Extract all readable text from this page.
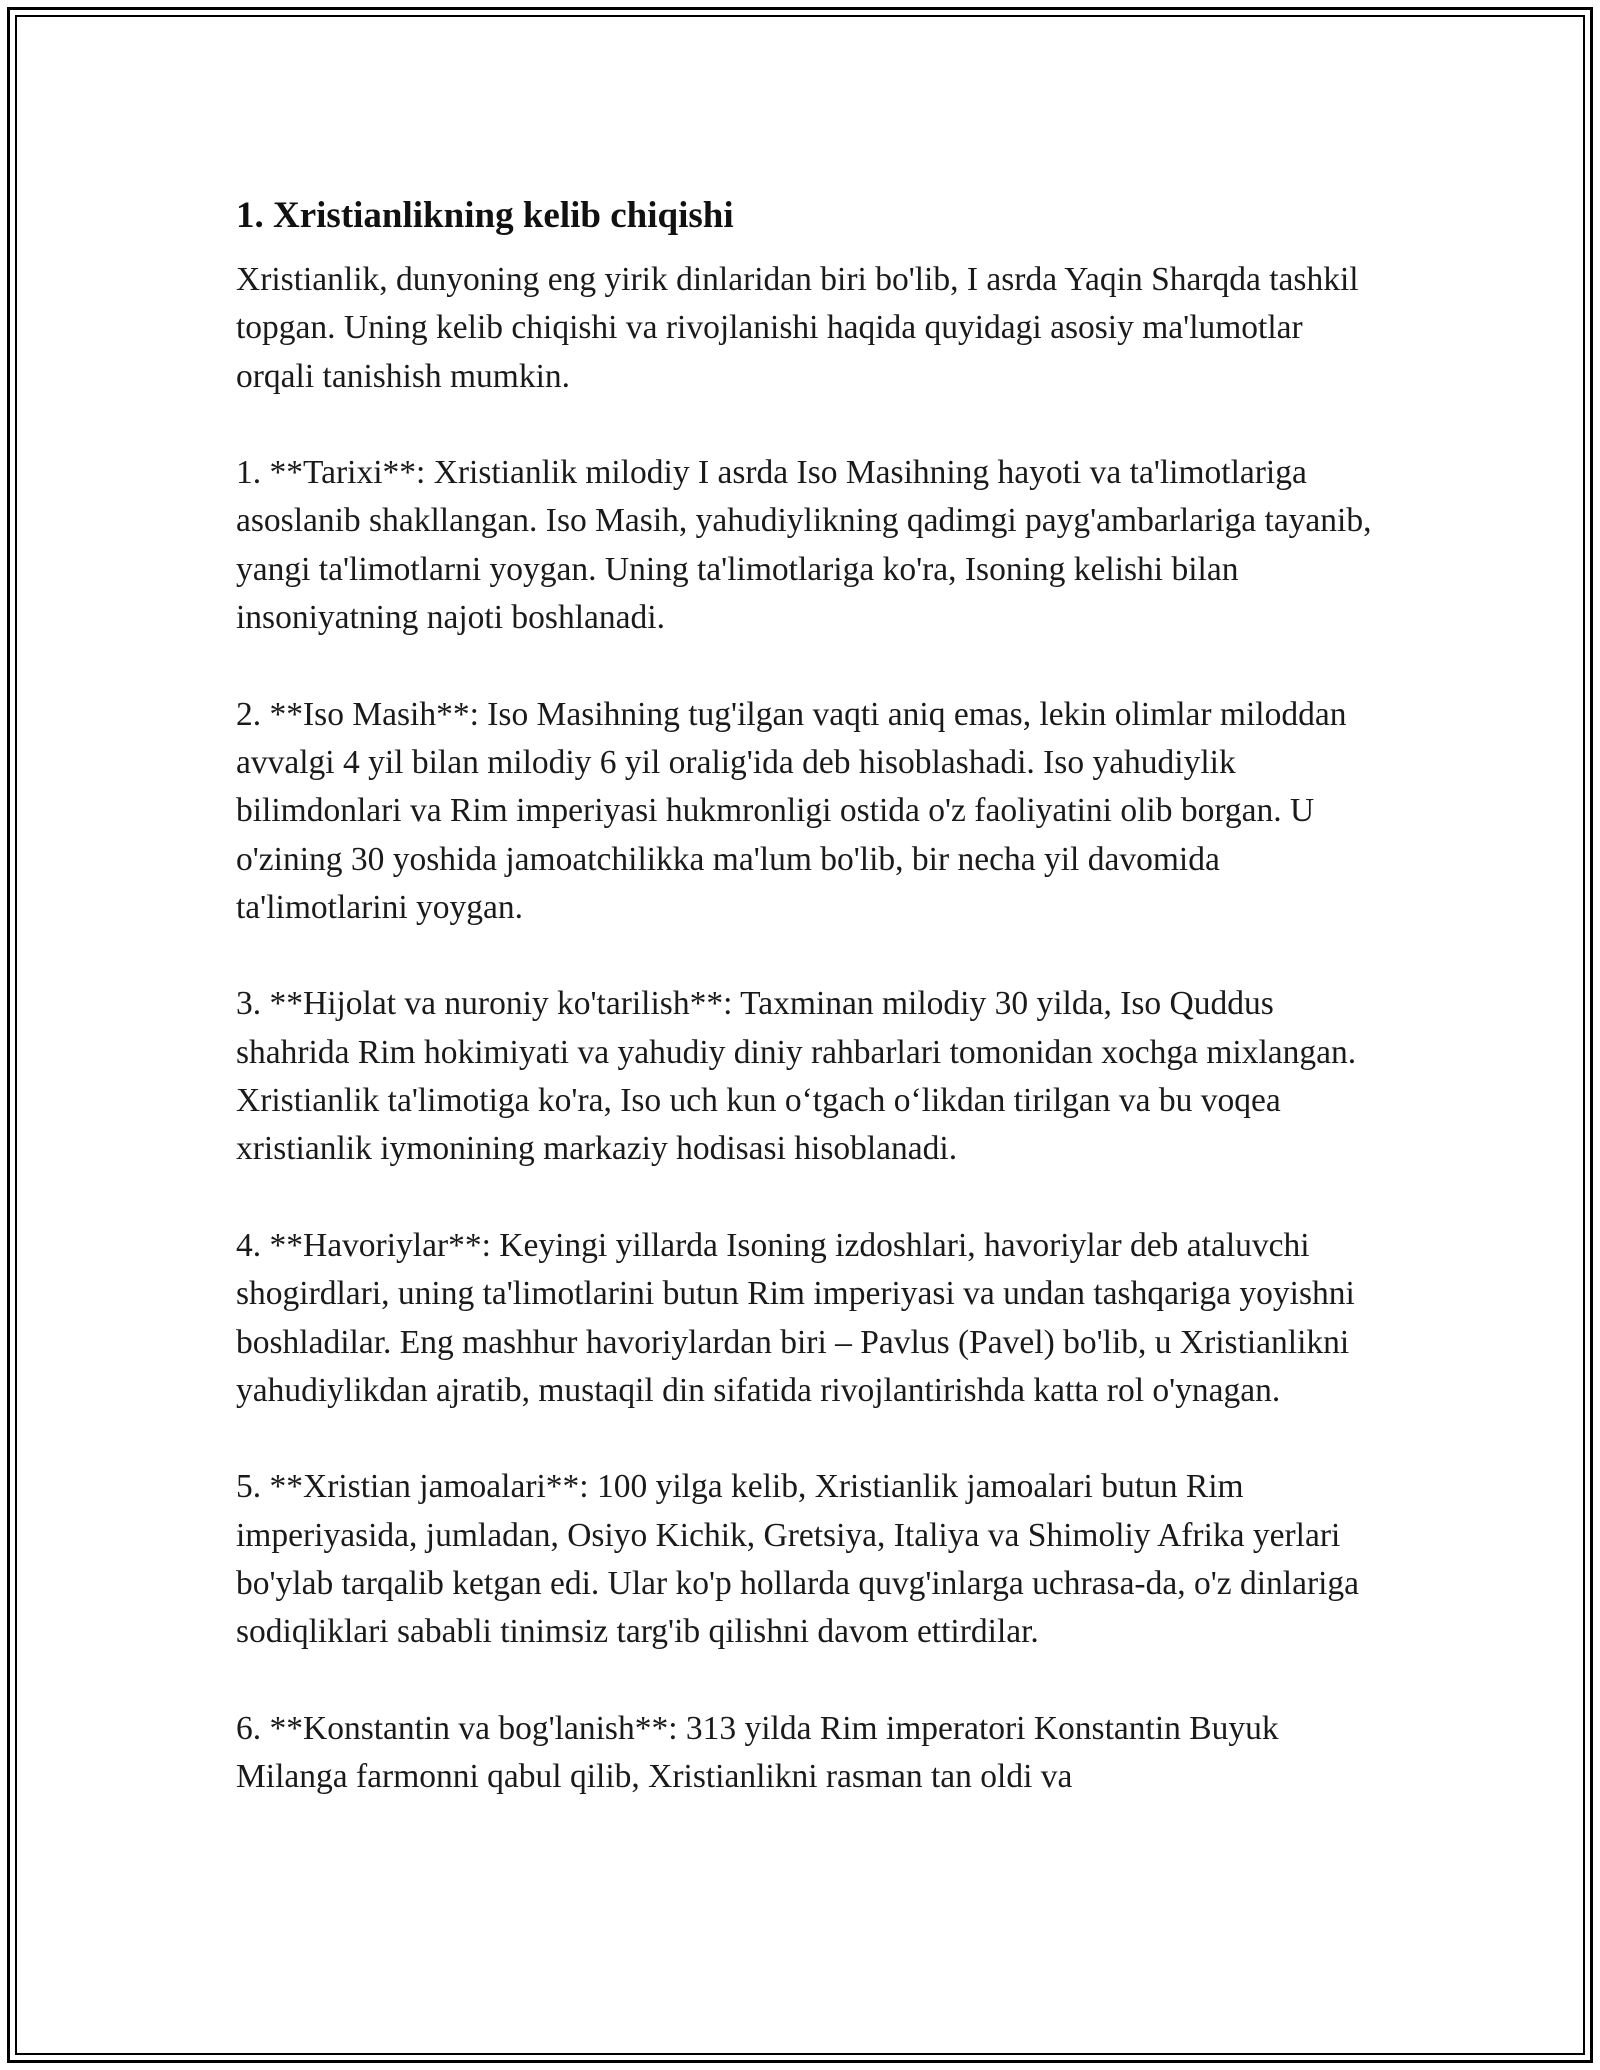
1. Xristianlikning kelib chiqishi

Xristianlik, dunyoning eng yirik dinlaridan biri bo'lib, I asrda Yaqin Sharqda tashkil topgan. Uning kelib chiqishi va rivojlanishi haqida quyidagi asosiy ma'lumotlar orqali tanishish mumkin.

1. **Tarixi**: Xristianlik milodiy I asrda Iso Masihning hayoti va ta'limotlariga asoslanib shakllangan. Iso Masih, yahudiylikning qadimgi payg'ambarlariga tayanib, yangi ta'limotlarni yoygan. Uning ta'limotlariga ko'ra, Isoning kelishi bilan insoniyatning najoti boshlanadi.

2. **Iso Masih**: Iso Masihning tug'ilgan vaqti aniq emas, lekin olimlar miloddan avvalgi 4 yil bilan milodiy 6 yil oralig'ida deb hisoblashadi. Iso yahudiylik bilimdonlari va Rim imperiyasi hukmronligi ostida o'z faoliyatini olib borgan. U o'zining 30 yoshida jamoatchilikka ma'lum bo'lib, bir necha yil davomida ta'limotlarini yoygan.

3. **Hijolat va nuroniy ko'tarilish**: Taxminan milodiy 30 yilda, Iso Quddus shahrida Rim hokimiyati va yahudiy diniy rahbarlari tomonidan xochga mixlangan. Xristianlik ta'limotiga ko'ra, Iso uch kun o‘tgach o‘likdan tirilgan va bu voqea xristianlik iymonining markaziy hodisasi hisoblanadi.

4. **Havoriylar**: Keyingi yillarda Isoning izdoshlari, havoriylar deb ataluvchi shogirdlari, uning ta'limotlarini butun Rim imperiyasi va undan tashqariga yoyishni boshladilar. Eng mashhur havoriylardan biri – Pavlus (Pavel) bo'lib, u Xristianlikni yahudiylikdan ajratib, mustaqil din sifatida rivojlantirishda katta rol o'ynagan.

5. **Xristian jamoalari**: 100 yilga kelib, Xristianlik jamoalari butun Rim imperiyasida, jumladan, Osiyo Kichik, Gretsiya, Italiya va Shimoliy Afrika yerlari bo'ylab tarqalib ketgan edi. Ular ko'p hollarda quvg'inlarga uchrasa-da, o'z dinlariga sodiqliklari sababli tinimsiz targ'ib qilishni davom ettirdilar.

6. **Konstantin va bog'lanish**: 313 yilda Rim imperatori Konstantin Buyuk Milanga farmonni qabul qilib, Xristianlikni rasman tan oldi va
